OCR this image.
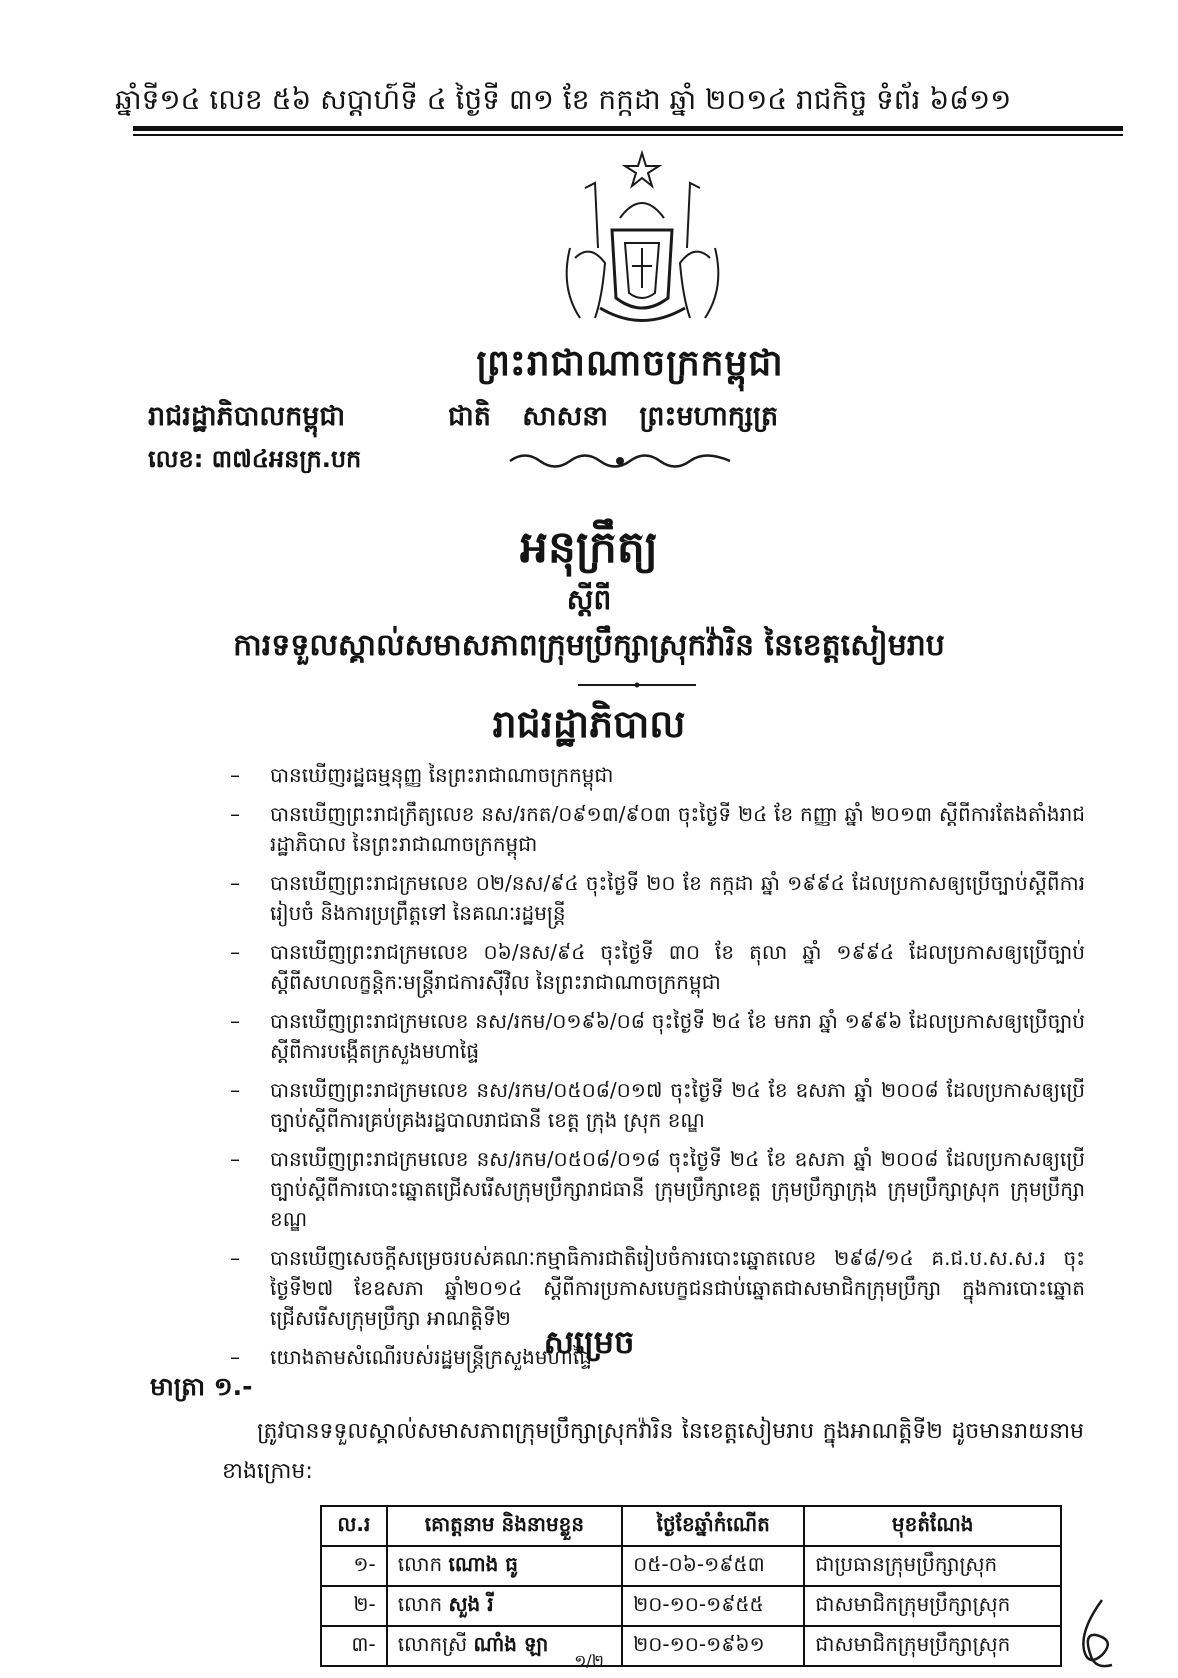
ឆ្នាំទី១៤ លេខ ៥៦ សប្តាហ៍ទី ៤ ថ្ងៃទី ៣១ ខែ កក្កដា ឆ្នាំ ២០១៤ រាជកិច្ច ទំព័រ ៦៨១១
ព្រះរាជាណាចក្រកម្ពុជា
រាជរដ្ឋាភិបាលកម្ពុជា	ជាតិ សាសនា ព្រះមហាក្សត្រ
លេខ: ៣៧៤អនក្រ.បក
អនុក្រឹត្យ
ស្តីពី
ការទទួលស្គាល់សមាសភាពក្រុមប្រឹក្សាស្រុកវ៉ារិន នៃខេត្តសៀមរាប
រាជរដ្ឋាភិបាល
– បានឃើញរដ្ឋធម្មនុញ្ញ នៃព្រះរាជាណាចក្រកម្ពុជា
– បានឃើញព្រះរាជក្រឹត្យលេខ នស/រកត/០៩១៣/៩០៣ ចុះថ្ងៃទី ២៤ ខែ កញ្ញា ឆ្នាំ ២០១៣ ស្តីពីការតែងតាំងរាជរដ្ឋាភិបាល នៃព្រះរាជាណាចក្រកម្ពុជា
– បានឃើញព្រះរាជក្រមលេខ ០២/នស/៩៤ ចុះថ្ងៃទី ២០ ខែ កក្កដា ឆ្នាំ ១៩៩៤ ដែលប្រកាសឲ្យប្រើច្បាប់ស្តីពីការរៀបចំ និងការប្រព្រឹត្តទៅ នៃគណៈរដ្ឋមន្ត្រី
– បានឃើញព្រះរាជក្រមលេខ ០៦/នស/៩៤ ចុះថ្ងៃទី ៣០ ខែ តុលា ឆ្នាំ ១៩៩៤ ដែលប្រកាសឲ្យប្រើច្បាប់ស្តីពីសហលក្ខន្តិកៈមន្ត្រីរាជការស៊ីវិល នៃព្រះរាជាណាចក្រកម្ពុជា
– បានឃើញព្រះរាជក្រមលេខ នស/រកម/០១៩៦/០៨ ចុះថ្ងៃទី ២៤ ខែ មករា ឆ្នាំ ១៩៩៦ ដែលប្រកាសឲ្យប្រើច្បាប់ស្តីពីការបង្កើតក្រសួងមហាផ្ទៃ
– បានឃើញព្រះរាជក្រមលេខ នស/រកម/០៥០៨/០១៧ ចុះថ្ងៃទី ២៤ ខែ ឧសភា ឆ្នាំ ២០០៨ ដែលប្រកាសឲ្យប្រើច្បាប់ស្តីពីការគ្រប់គ្រងរដ្ឋបាលរាជធានី ខេត្ត ក្រុង ស្រុក ខណ្ឌ
– បានឃើញព្រះរាជក្រមលេខ នស/រកម/០៥០៨/០១៨ ចុះថ្ងៃទី ២៤ ខែ ឧសភា ឆ្នាំ ២០០៨ ដែលប្រកាសឲ្យប្រើច្បាប់ស្តីពីការបោះឆ្នោតជ្រើសរើសក្រុមប្រឹក្សារាជធានី ក្រុមប្រឹក្សាខេត្ត ក្រុមប្រឹក្សាក្រុង ក្រុមប្រឹក្សាស្រុក ក្រុមប្រឹក្សាខណ្ឌ
– បានឃើញសេចក្តីសម្រេចរបស់គណៈកម្មាធិការជាតិរៀបចំការបោះឆ្នោតលេខ ២៩៨/១៤ គ.ជ.ប.ស.ស.រ ចុះថ្ងៃទី២៧ ខែឧសភា ឆ្នាំ២០១៤ ស្តីពីការប្រកាសបេក្ខជនជាប់ឆ្នោតជាសមាជិកក្រុមប្រឹក្សា ក្នុងការបោះឆ្នោតជ្រើសរើសក្រុមប្រឹក្សា អាណត្តិទី២
– យោងតាមសំណើរបស់រដ្ឋមន្ត្រីក្រសួងមហាផ្ទៃ
សម្រេច
មាត្រា ១.-
ត្រូវបានទទួលស្គាល់សមាសភាពក្រុមប្រឹក្សាស្រុកវ៉ារិន នៃខេត្តសៀមរាប ក្នុងអាណត្តិទី២ ដូចមានរាយនាមខាងក្រោម:
ល.រ	គោត្តនាម និងនាមខ្លួន	ថ្ងៃខែឆ្នាំកំណើត	មុខតំណែង
១-	លោក ណោង ធូ	០៥-០៦-១៩៥៣	ជាប្រធានក្រុមប្រឹក្សាស្រុក
២-	លោក សួង រី	២០-១០-១៩៥៥	ជាសមាជិកក្រុមប្រឹក្សាស្រុក
៣-	លោកស្រី ណាំង ឡា	២០-១០-១៩៦១	ជាសមាជិកក្រុមប្រឹក្សាស្រុក
១/២
